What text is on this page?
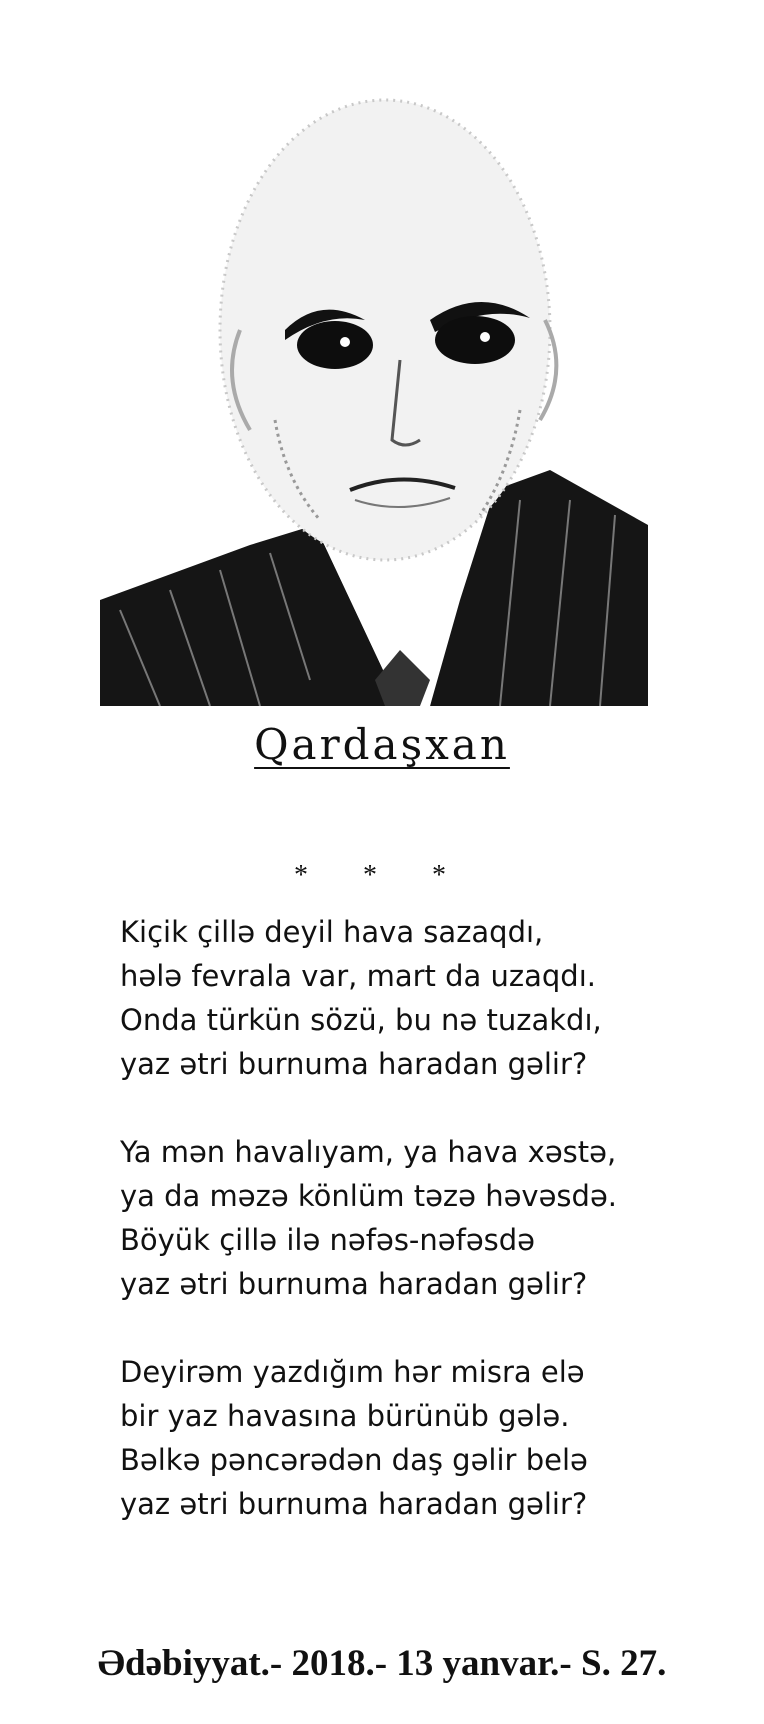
Qardaşxan
* * *
Kiçik çillə deyil hava sazaqdı,
hələ fevrala var, mart da uzaqdı.
Onda türkün sözü, bu nə tuzakdı,
yaz ətri burnuma haradan gəlir?
Ya mən havalıyam, ya hava xəstə,
ya da məzə könlüm təzə həvəsdə.
Böyük çillə ilə nəfəs-nəfəsdə
yaz ətri burnuma haradan gəlir?
Deyirəm yazdığım hər misra elə
bir yaz havasına bürünüb gələ.
Bəlkə pəncərədən daş gəlir belə
yaz ətri burnuma haradan gəlir?
Ədəbiyyat.- 2018.- 13 yanvar.- S. 27.
